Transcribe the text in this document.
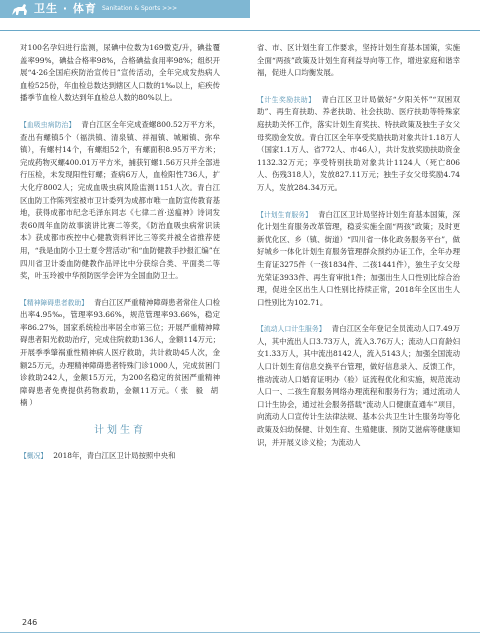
卫生 · 体育 Sanitation & Sports >>>

对100名孕妇进行监测，尿碘中位数为169微克/升，碘盐覆盖率99%，碘盐合格率98%，合格碘盐食用率98%；组织开展“4·26全国疟疾防治宣传日”宣传活动，全年完成发热病人血检525份，年血检总数达到辖区人口数的1‰以上，疟疾传播季节血检人数达到年血检总人数的80%以上。

【血吸虫病防治】 青白江区全年完成查螺800.52万平方米，查出有螺镇5个（福洪镇、清泉镇、祥福镇、城厢镇、弥牟镇），有螺村14个，有螺组52个，有螺面积8.95万平方米；完成药物灭螺400.01万平方米，捕获钉螺1.56万只并全部进行压检，未发现阳性钉螺；查病6万人，血检阳性736人，扩大化疗8002人；完成血吸虫病风险监测1151人次。青白江区血防工作陈列室被市卫计委列为成都市唯一血防宣传教育基地，获得成都市纪念毛泽东同志《七律二首·送瘟神》诗词发表60周年血防故事演讲比赛二等奖，《防治血吸虫病常识读本》获成都市疾控中心健教资料评比三等奖并被全省推荐使用，“我是血防小卫士夏令营活动”和“血防健教手抄报汇编”在四川省卫计委血防健教作品评比中分获综合类、平面类二等奖，叶玉玲被中华预防医学会评为全国血防卫士。

【精神障碍患者救助】 青白江区严重精神障碍患者常住人口检出率4.95‰，管理率93.66%，规范管理率93.66%，稳定率86.27%，国家系统检出率居全市第三位；开展严重精神障碍患者阳光救助治疗，完成住院救助136人，金额114万元；开展季季肇祸重性精神病人医疗救助，共计救助45人次，金额25万元，办理精神障碍患者特殊门诊1000人，完成贫困门诊救助242人，金额15万元，为200名稳定的贫困严重精神障碍患者免费提供药物救助，金额11万元。（张 毅 胡 楠）

计划生育

【概况】 2018年，青白江区卫计局按照中央和

省、市、区计划生育工作要求，坚持计划生育基本国策，实施全面“两孩”政策及计划生育利益导向等工作，增进家庭和谐幸福，促进人口均衡发展。

【计生奖励扶助】 青白江区卫计局做好“夕阳关怀”“双困双助”、再生育扶助、养老扶助、社会扶助、医疗扶助等特殊家庭扶助关怀工作，落实计划生育奖扶、特扶政策及独生子女父母奖励金发放。青白江区全年享受奖励扶助对象共计1.18万人（国家1.1万人、省772人、市46人），共计发放奖励扶助资金1132.32万元；享受特别扶助对象共计1124人（死亡806人、伤残318人），发放827.11万元；独生子女父母奖励4.74万人，发放284.34万元。

【计划生育服务】 青白江区卫计局坚持计划生育基本国策，深化计划生育服务改革管理，稳妥实施全面“两孩”政策；及时更新优化区、乡（镇、街道）“四川省一体化政务服务平台”，做好城乡一体化计划生育服务管理群众预约办证工作，全年办理生育证3275件（一孩1834件、二孩1441件），独生子女父母光荣证3933件、再生育审批1件；加强出生人口性别比综合治理，促进全区出生人口性别比持续正常，2018年全区出生人口性别比为102.71。

【流动人口计生服务】 青白江区全年登记全员流动人口7.49万人，其中流出人口3.73万人，流入3.76万人；流动人口育龄妇女1.33万人，其中流出8142人，流入5143人；加强全国流动人口计划生育信息交换平台管理，做好信息录入、反馈工作，推动流动人口婚育证明办（验）证流程优化和实施，规范流动人口一、二孩生育服务网络办理流程和服务行为；通过流动人口计生协会，通过社会服务搭载“流动人口健康直通车”项目，向流动人口宣传计生法律法规、基本公共卫生计生服务均等化政策及妇幼保健、计划生育、生殖健康、预防艾滋病等健康知识，并开展义诊义检；为流动人

246
